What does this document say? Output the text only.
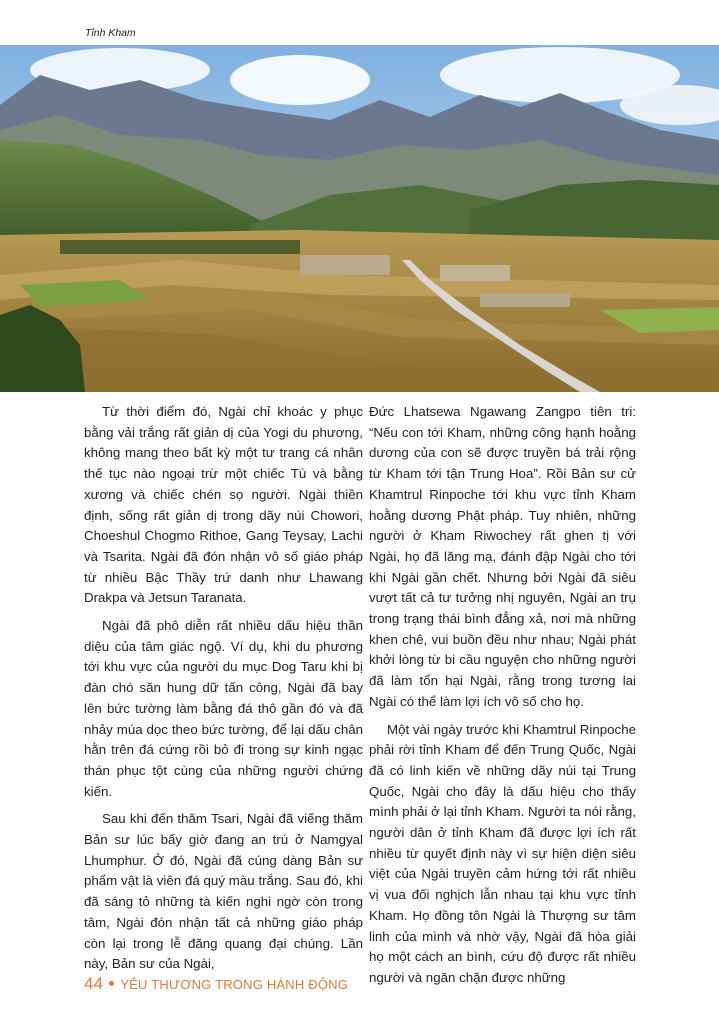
Tỉnh Kham

Từ thời điểm đó, Ngài chỉ khoác y phục bằng vải trắng rất giản dị của Yogi du phương, không mang theo bất kỳ một tư trang cá nhân thế tục nào ngoại trừ một chiếc Tù và bằng xương và chiếc chén sọ người. Ngài thiền định, sống rất giản dị trong dãy núi Chowori, Choeshul Chogmo Rithoe, Gang Teysay, Lachi và Tsarita. Ngài đã đón nhận vô số giáo pháp từ nhiều Bậc Thầy trứ danh như Lhawang Drakpa và Jetsun Taranata.

Ngài đã phô diễn rất nhiều dấu hiệu thần diệu của tâm giác ngộ. Ví dụ, khi du phương tới khu vực của người du mục Dog Taru khi bị đàn chó săn hung dữ tấn công, Ngài đã bay lên bức tường làm bằng đá thô gần đó và đã nhảy múa dọc theo bức tường, để lại dấu chân hằn trên đá cứng rồi bỏ đi trong sự kinh ngạc thán phục tột cùng của những người chứng kiến.

Sau khi đến thăm Tsari, Ngài đã viếng thăm Bản sư lúc bấy giờ đang an trú ở Namgyal Lhumphur. Ở đó, Ngài đã cúng dàng Bản sư phẩm vật là viên đá quý màu trắng. Sau đó, khi đã sáng tỏ những tà kiến nghi ngờ còn trong tâm, Ngài đón nhận tất cả những giáo pháp còn lại trong lễ đăng quang đại chúng. Lần này, Bản sư của Ngài,

Đức Lhatsewa Ngawang Zangpo tiên tri: “Nếu con tới Kham, những công hạnh hoằng dương của con sẽ được truyền bá trải rộng từ Kham tới tận Trung Hoa”. Rồi Bản sư cử Khamtrul Rinpoche tới khu vực tỉnh Kham hoằng dương Phật pháp. Tuy nhiên, những người ở Kham Riwochey rất ghen tị với Ngài, họ đã lăng mạ, đánh đập Ngài cho tới khi Ngài gần chết. Nhưng bởi Ngài đã siêu vượt tất cả tư tưởng nhị nguyên, Ngài an trụ trong trạng thái bình đẳng xả, nơi mà những khen chê, vui buồn đều như nhau; Ngài phát khởi lòng từ bi cầu nguyện cho những người đã làm tổn hại Ngài, rằng trong tương lai Ngài có thể làm lợi ích vô số cho họ.

Một vài ngày trước khi Khamtrul Rinpoche phải rời tỉnh Kham để đến Trung Quốc, Ngài đã có linh kiến về những dãy núi tại Trung Quốc, Ngài cho đây là dấu hiệu cho thấy mình phải ở lại tỉnh Kham. Người ta nói rằng, người dân ở tỉnh Kham đã được lợi ích rất nhiều từ quyết định này vì sự hiện diện siêu việt của Ngài truyền cảm hứng tới rất nhiều vị vua đối nghịch lẫn nhau tại khu vực tỉnh Kham. Họ đồng tôn Ngài là Thượng sư tâm linh của mình và nhờ vậy, Ngài đã hòa giải họ một cách an bình, cứu độ được rất nhiều người và ngăn chặn được những

44 YÊU THƯƠNG TRONG HÀNH ĐỘNG
